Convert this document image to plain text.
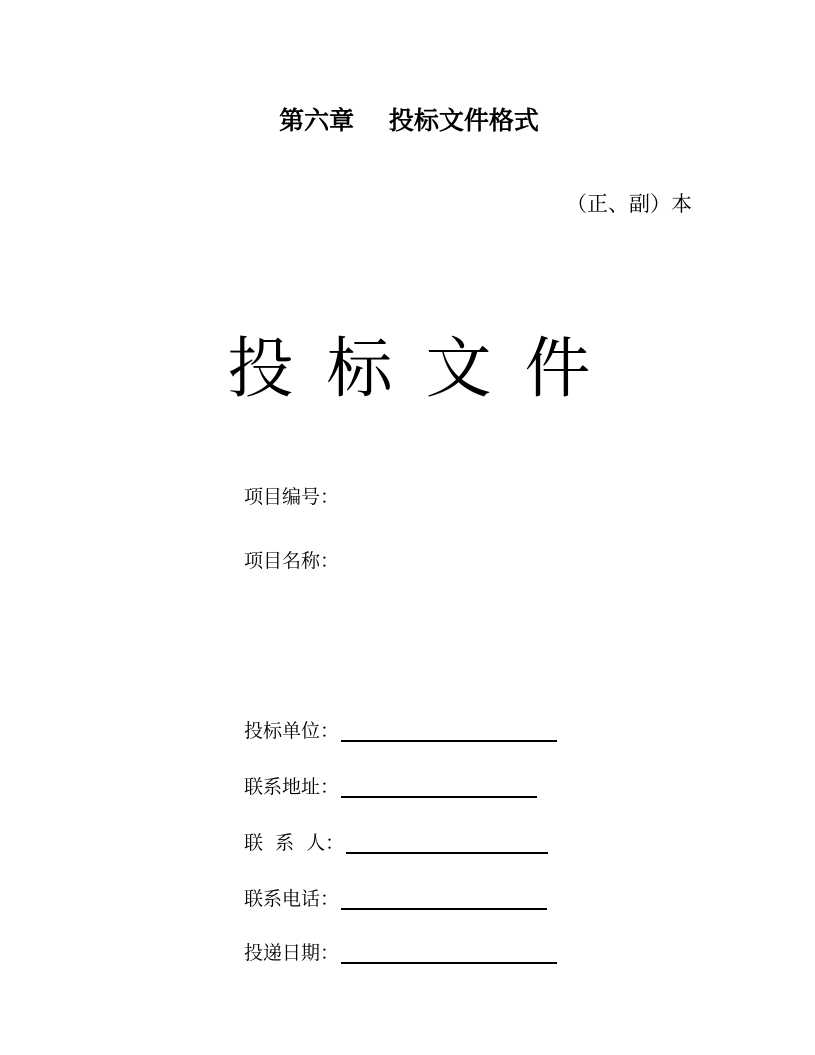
第六章    投标文件格式
（正、副）本
投标文件
项目编号：
项目名称：
投标单位：
联系地址：
联  系  人：
联系电话：
投递日期：
